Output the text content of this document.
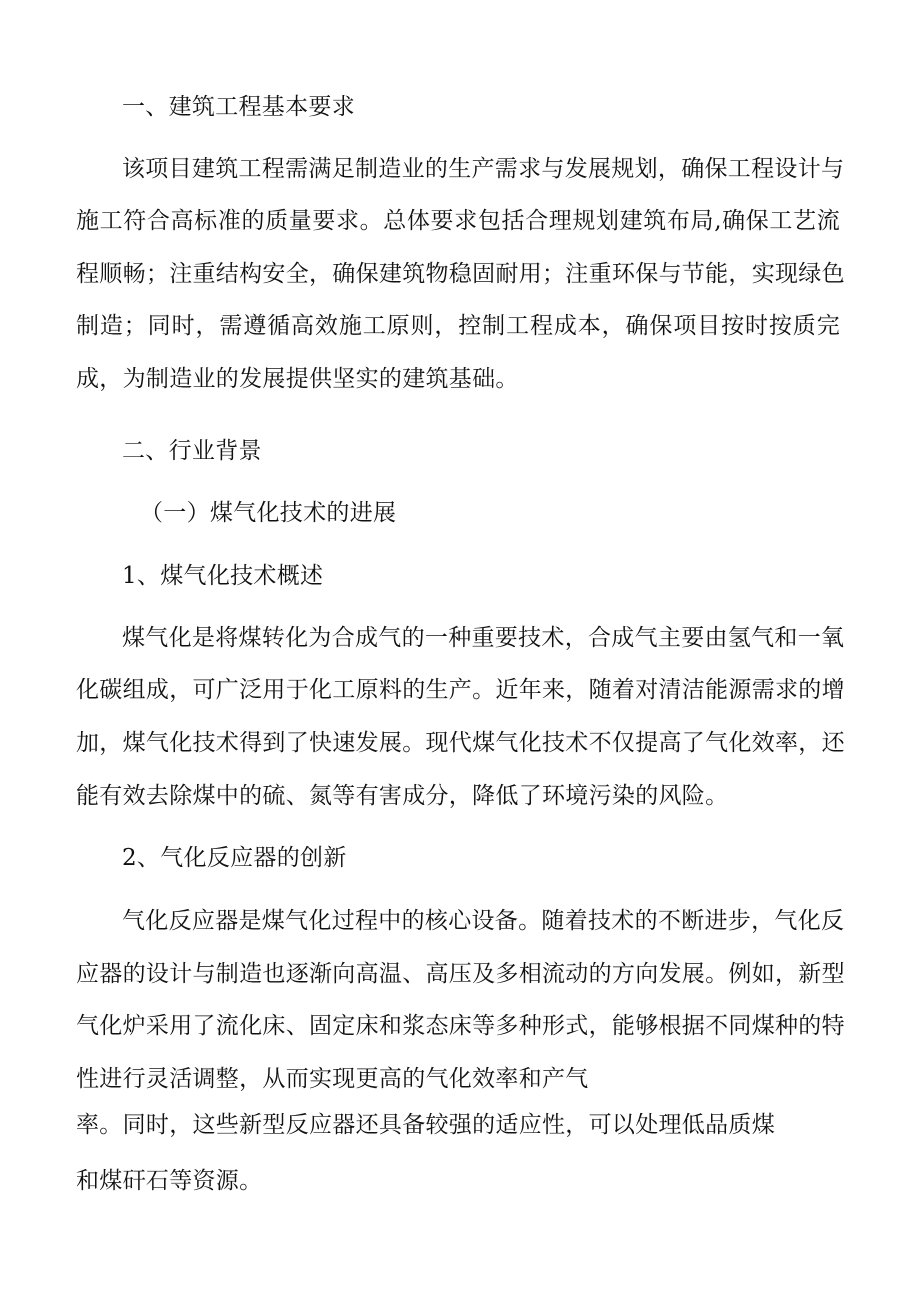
一、建筑工程基本要求
该项目建筑工程需满足制造业的生产需求与发展规划，确保工程设计与
施工符合高标准的质量要求。总体要求包括合理规划建筑布局,确保工艺流
程顺畅；注重结构安全，确保建筑物稳固耐用；注重环保与节能，实现绿色
制造；同时，需遵循高效施工原则，控制工程成本，确保项目按时按质完
成，为制造业的发展提供坚实的建筑基础。
二、行业背景
（一）煤气化技术的进展
1、煤气化技术概述
煤气化是将煤转化为合成气的一种重要技术，合成气主要由氢气和一氧
化碳组成，可广泛用于化工原料的生产。近年来，随着对清洁能源需求的增
加，煤气化技术得到了快速发展。现代煤气化技术不仅提高了气化效率，还
能有效去除煤中的硫、氮等有害成分，降低了环境污染的风险。
2、气化反应器的创新
气化反应器是煤气化过程中的核心设备。随着技术的不断进步，气化反
应器的设计与制造也逐渐向高温、高压及多相流动的方向发展。例如，新型
气化炉采用了流化床、固定床和浆态床等多种形式，能够根据不同煤种的特
性进行灵活调整，从而实现更高的气化效率和产气
率。同时，这些新型反应器还具备较强的适应性，可以处理低品质煤
和煤矸石等资源。
